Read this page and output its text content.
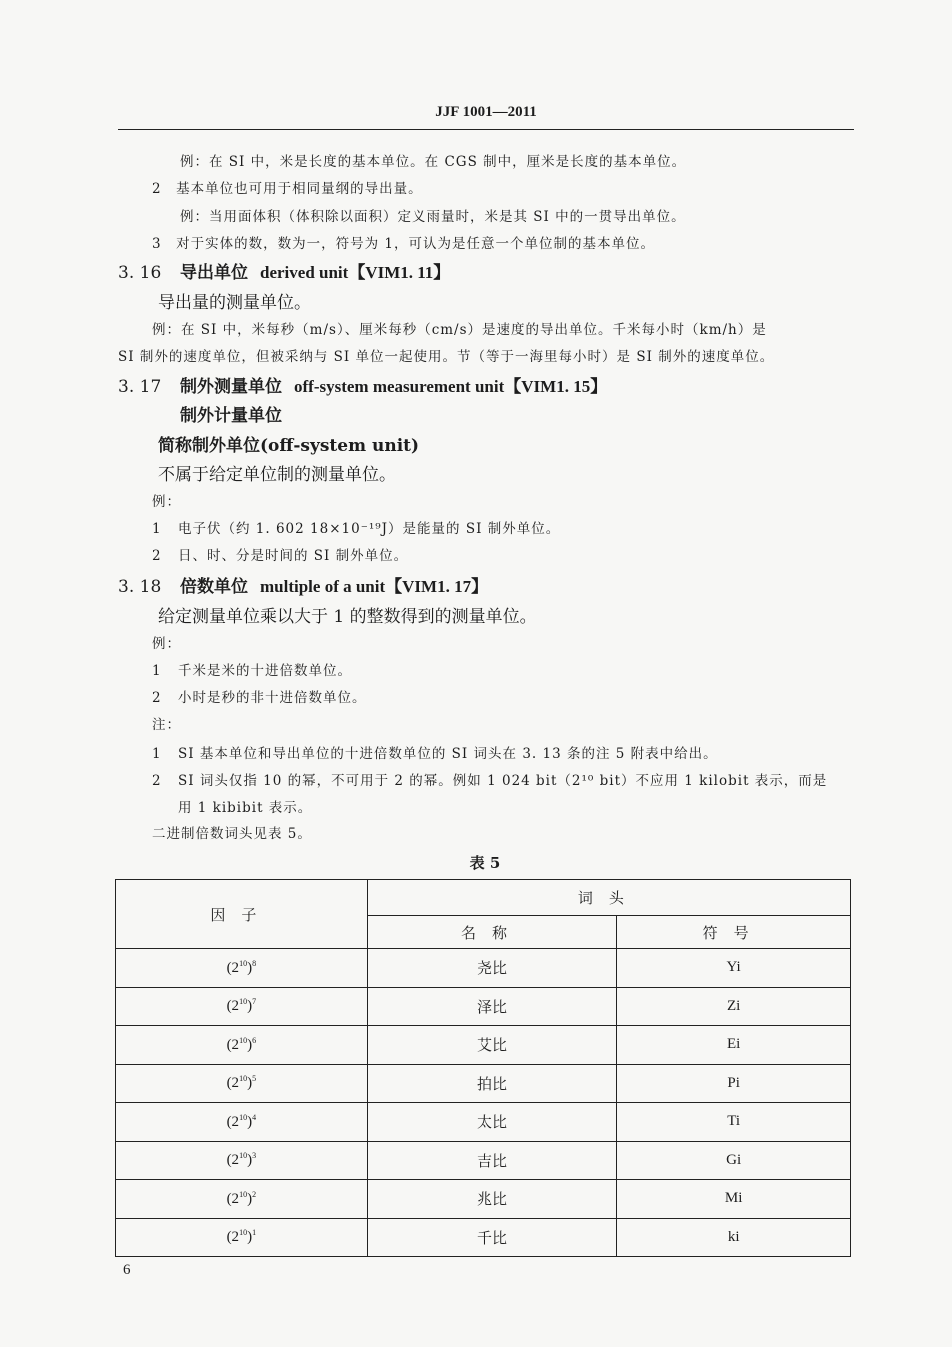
JJF 1001—2011
例：在 SI 中，米是长度的基本单位。在 CGS 制中，厘米是长度的基本单位。
2　基本单位也可用于相同量纲的导出量。
例：当用面体积（体积除以面积）定义雨量时，米是其 SI 中的一贯导出单位。
3　对于实体的数，数为一，符号为 1，可认为是任意一个单位制的基本单位。
3. 16 导出单位 derived unit【VIM1. 11】
导出量的测量单位。
例：在 SI 中，米每秒（m/s）、厘米每秒（cm/s）是速度的导出单位。千米每小时（km/h）是
SI 制外的速度单位，但被采纳与 SI 单位一起使用。节（等于一海里每小时）是 SI 制外的速度单位。
3. 17 制外测量单位 off-system measurement unit【VIM1. 15】
制外计量单位
简称制外单位(off-system unit)
不属于给定单位制的测量单位。
例：
1 电子伏（约 1. 602 18×10⁻¹⁹J）是能量的 SI 制外单位。
2 日、时、分是时间的 SI 制外单位。
3. 18 倍数单位 multiple of a unit【VIM1. 17】
给定测量单位乘以大于 1 的整数得到的测量单位。
例：
1 千米是米的十进倍数单位。
2 小时是秒的非十进倍数单位。
注：
1 SI 基本单位和导出单位的十进倍数单位的 SI 词头在 3. 13 条的注 5 附表中给出。
2 SI 词头仅指 10 的幂，不可用于 2 的幂。例如 1 024 bit（2¹⁰ bit）不应用 1 kilobit 表示，而是
用 1 kibibit 表示。
二进制倍数词头见表 5。
表 5
因子	词头	
	名称	符号
$(2^{10})^8$	尧比	Yi
$(2^{10})^7$	泽比	Zi
$(2^{10})^6$	艾比	Ei
$(2^{10})^5$	拍比	Pi
$(2^{10})^4$	太比	Ti
$(2^{10})^3$	吉比	Gi
$(2^{10})^2$	兆比	Mi
$(2^{10})^1$	千比	ki
6
